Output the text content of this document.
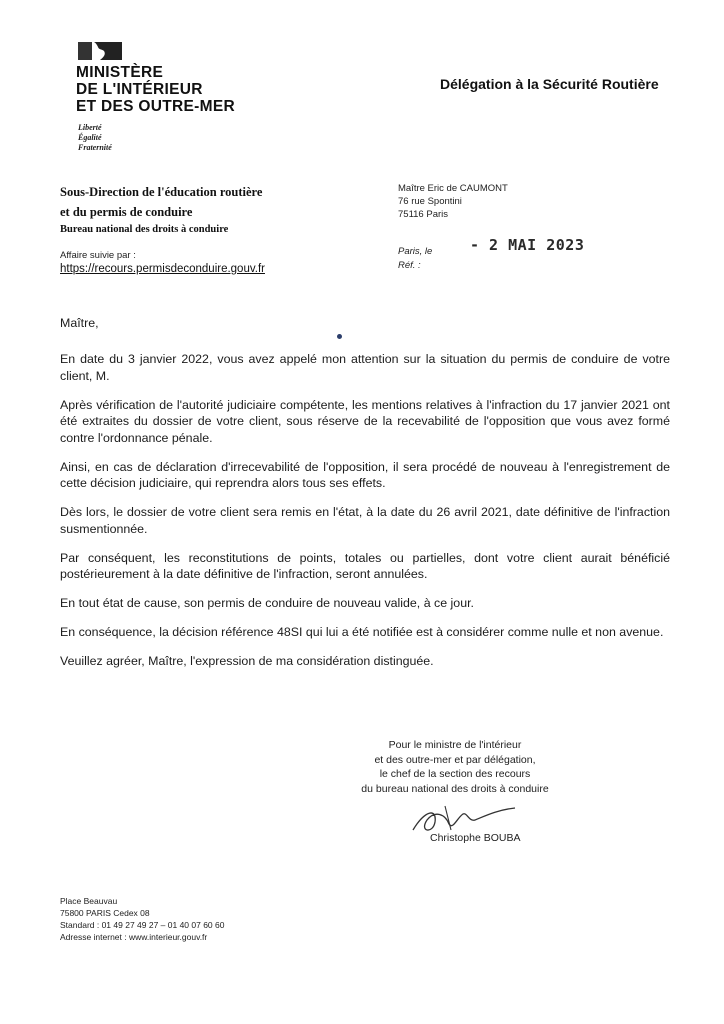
MINISTÈRE
DE L'INTÉRIEUR
ET DES OUTRE-MER
Liberté
Égalité
Fraternité
Délégation à la Sécurité Routière
Sous-Direction de l'éducation routière
et du permis de conduire
Bureau national des droits à conduire
Affaire suivie par :
https://recours.permisdeconduire.gouv.fr
Maître Eric de CAUMONT
76 rue Spontini
75116 Paris
Paris, le
Réf. :
- 2 MAI 2023
Maître,

En date du 3 janvier 2022, vous avez appelé mon attention sur la situation du permis de conduire de votre client, M.

Après vérification de l'autorité judiciaire compétente, les mentions relatives à l'infraction du 17 janvier 2021 ont été extraites du dossier de votre client, sous réserve de la recevabilité de l'opposition que vous avez formé contre l'ordonnance pénale.

Ainsi, en cas de déclaration d'irrecevabilité de l'opposition, il sera procédé de nouveau à l'enregistrement de cette décision judiciaire, qui reprendra alors tous ses effets.

Dès lors, le dossier de votre client sera remis en l'état, à la date du 26 avril 2021, date définitive de l'infraction susmentionnée.

Par conséquent, les reconstitutions de points, totales ou partielles, dont votre client aurait bénéficié postérieurement à la date définitive de l'infraction, seront annulées.

En tout état de cause, son permis de conduire de nouveau valide, à ce jour.

En conséquence, la décision référence 48SI qui lui a été notifiée est à considérer comme nulle et non avenue.

Veuillez agréer, Maître, l'expression de ma considération distinguée.

Pour le ministre de l'intérieur
et des outre-mer et par délégation,
le chef de la section des recours
du bureau national des droits à conduire
Christophe BOUBA
Place Beauvau
75800 PARIS Cedex 08
Standard : 01 49 27 49 27 – 01 40 07 60 60
Adresse internet : www.interieur.gouv.fr
